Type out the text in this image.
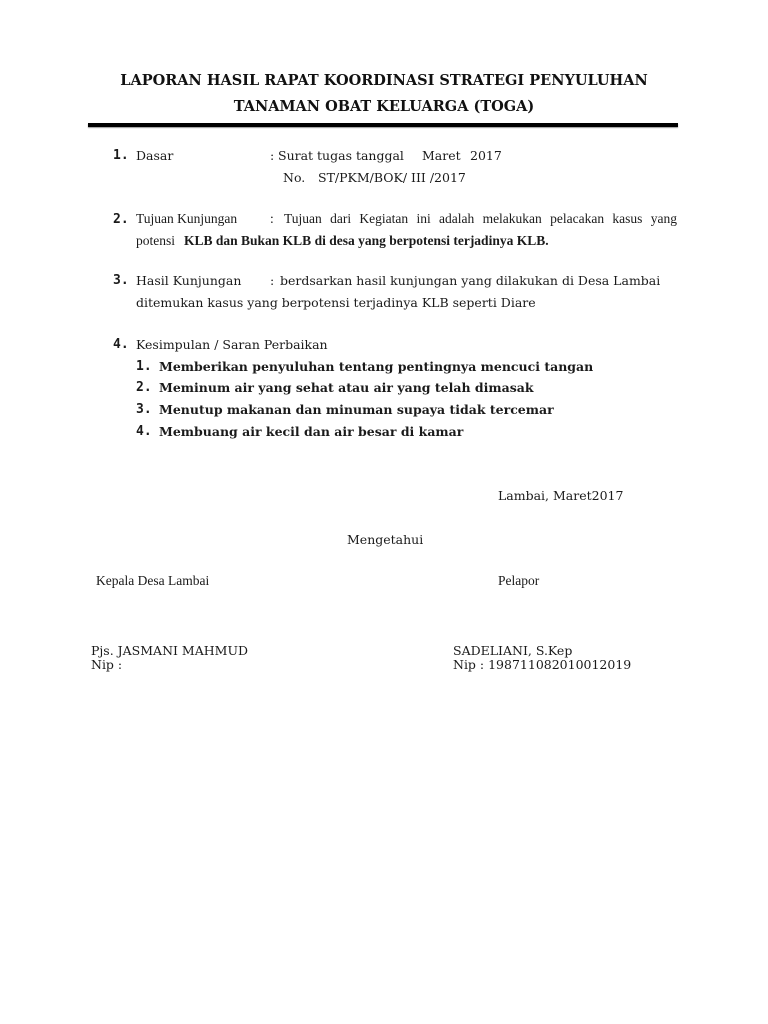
LAPORAN HASIL RAPAT KOORDINASI STRATEGI PENYULUHAN
TANAMAN OBAT KELUARGA (TOGA)
1. Dasar	: Surat tugas tanggal Maret 2017
No. ST/PKM/BOK/ III /2017
2. Tujuan Kunjungan : Tujuan dari Kegiatan ini adalah melakukan pelacakan kasus yang
potensi KLB dan Bukan KLB di desa yang berpotensi terjadinya KLB.
3. Hasil Kunjungan : berdsarkan hasil kunjungan yang dilakukan di Desa Lambai
ditemukan kasus yang berpotensi terjadinya KLB seperti Diare
4. Kesimpulan / Saran Perbaikan
1. Memberikan penyuluhan tentang pentingnya mencuci tangan
2. Meminum air yang sehat atau air yang telah dimasak
3. Menutup makanan dan minuman supaya tidak tercemar
4. Membuang air kecil dan air besar di kamar
Lambai, Maret2017
Mengetahui
Kepala Desa Lambai	Pelapor
Pjs. JASMANI MAHMUD
Nip :
SADELIANI, S.Kep
Nip : 198711082010012019
